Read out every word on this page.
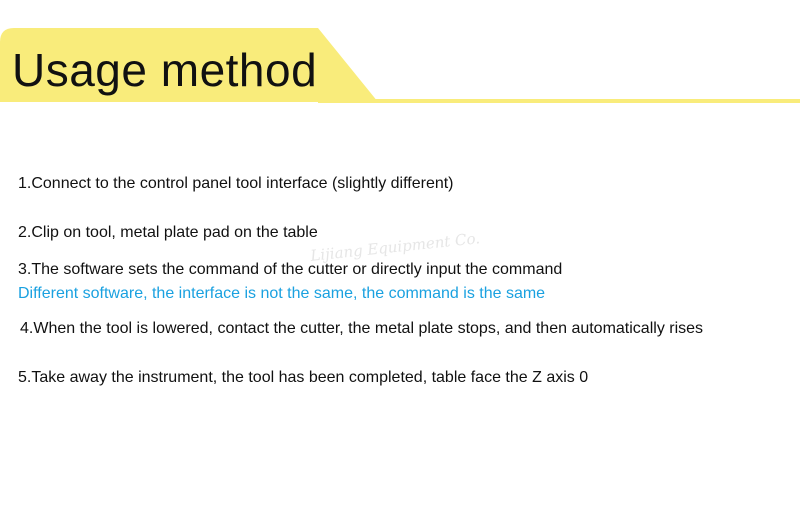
Usage method
1.Connect to the control panel tool interface (slightly different)
2.Clip on tool, metal plate pad on the table
3.The software sets the command of the cutter or directly input the command
Different software, the interface is not the same, the command is the same
4.When the tool is lowered, contact the cutter, the metal plate stops, and then automatically rises
5.Take away the instrument, the tool has been completed, table face the Z axis 0
Lijiang Equipment Co.
